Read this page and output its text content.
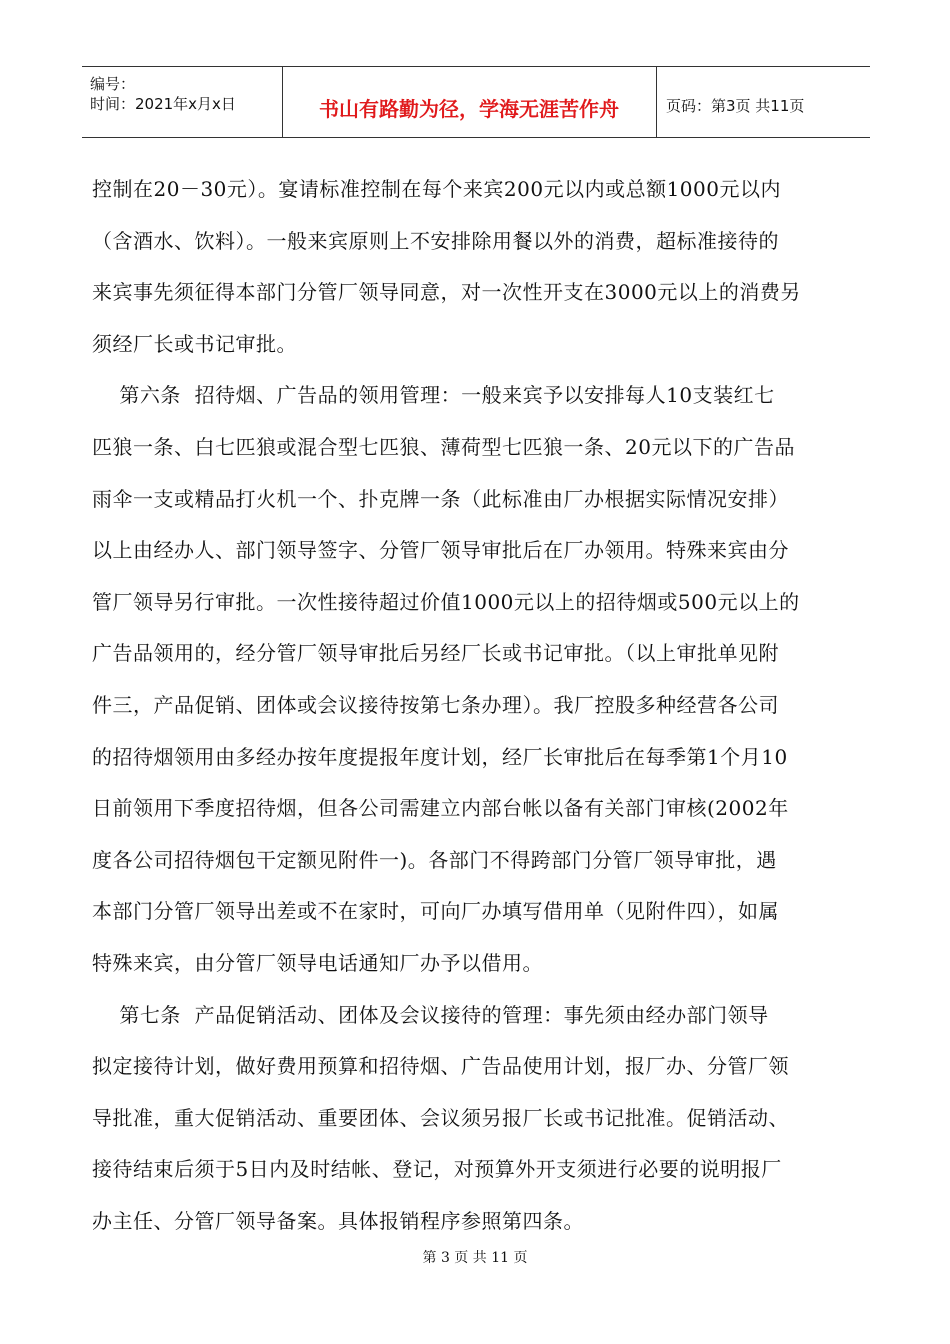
编号：
时间：2021年x月x日	书山有路勤为径，学海无涯苦作舟	页码：第3页 共11页
控制在20－30元）。宴请标准控制在每个来宾200元以内或总额1000元以内
（含酒水、饮料）。一般来宾原则上不安排除用餐以外的消费，超标准接待的
来宾事先须征得本部门分管厂领导同意，对一次性开支在3000元以上的消费另
须经厂长或书记审批。
第六条  招待烟、广告品的领用管理：一般来宾予以安排每人10支装红七
匹狼一条、白七匹狼或混合型七匹狼、薄荷型七匹狼一条、20元以下的广告品
雨伞一支或精品打火机一个、扑克牌一条（此标准由厂办根据实际情况安排）
以上由经办人、部门领导签字、分管厂领导审批后在厂办领用。特殊来宾由分
管厂领导另行审批。一次性接待超过价值1000元以上的招待烟或500元以上的
广告品领用的，经分管厂领导审批后另经厂长或书记审批。（以上审批单见附
件三，产品促销、团体或会议接待按第七条办理）。我厂控股多种经营各公司
的招待烟领用由多经办按年度提报年度计划，经厂长审批后在每季第1个月10
日前领用下季度招待烟，但各公司需建立内部台帐以备有关部门审核(2002年
度各公司招待烟包干定额见附件一)。各部门不得跨部门分管厂领导审批，遇
本部门分管厂领导出差或不在家时，可向厂办填写借用单（见附件四），如属
特殊来宾，由分管厂领导电话通知厂办予以借用。
第七条  产品促销活动、团体及会议接待的管理：事先须由经办部门领导
拟定接待计划，做好费用预算和招待烟、广告品使用计划，报厂办、分管厂领
导批准，重大促销活动、重要团体、会议须另报厂长或书记批准。促销活动、
接待结束后须于5日内及时结帐、登记，对预算外开支须进行必要的说明报厂
办主任、分管厂领导备案。具体报销程序参照第四条。
第 3 页 共 11 页
